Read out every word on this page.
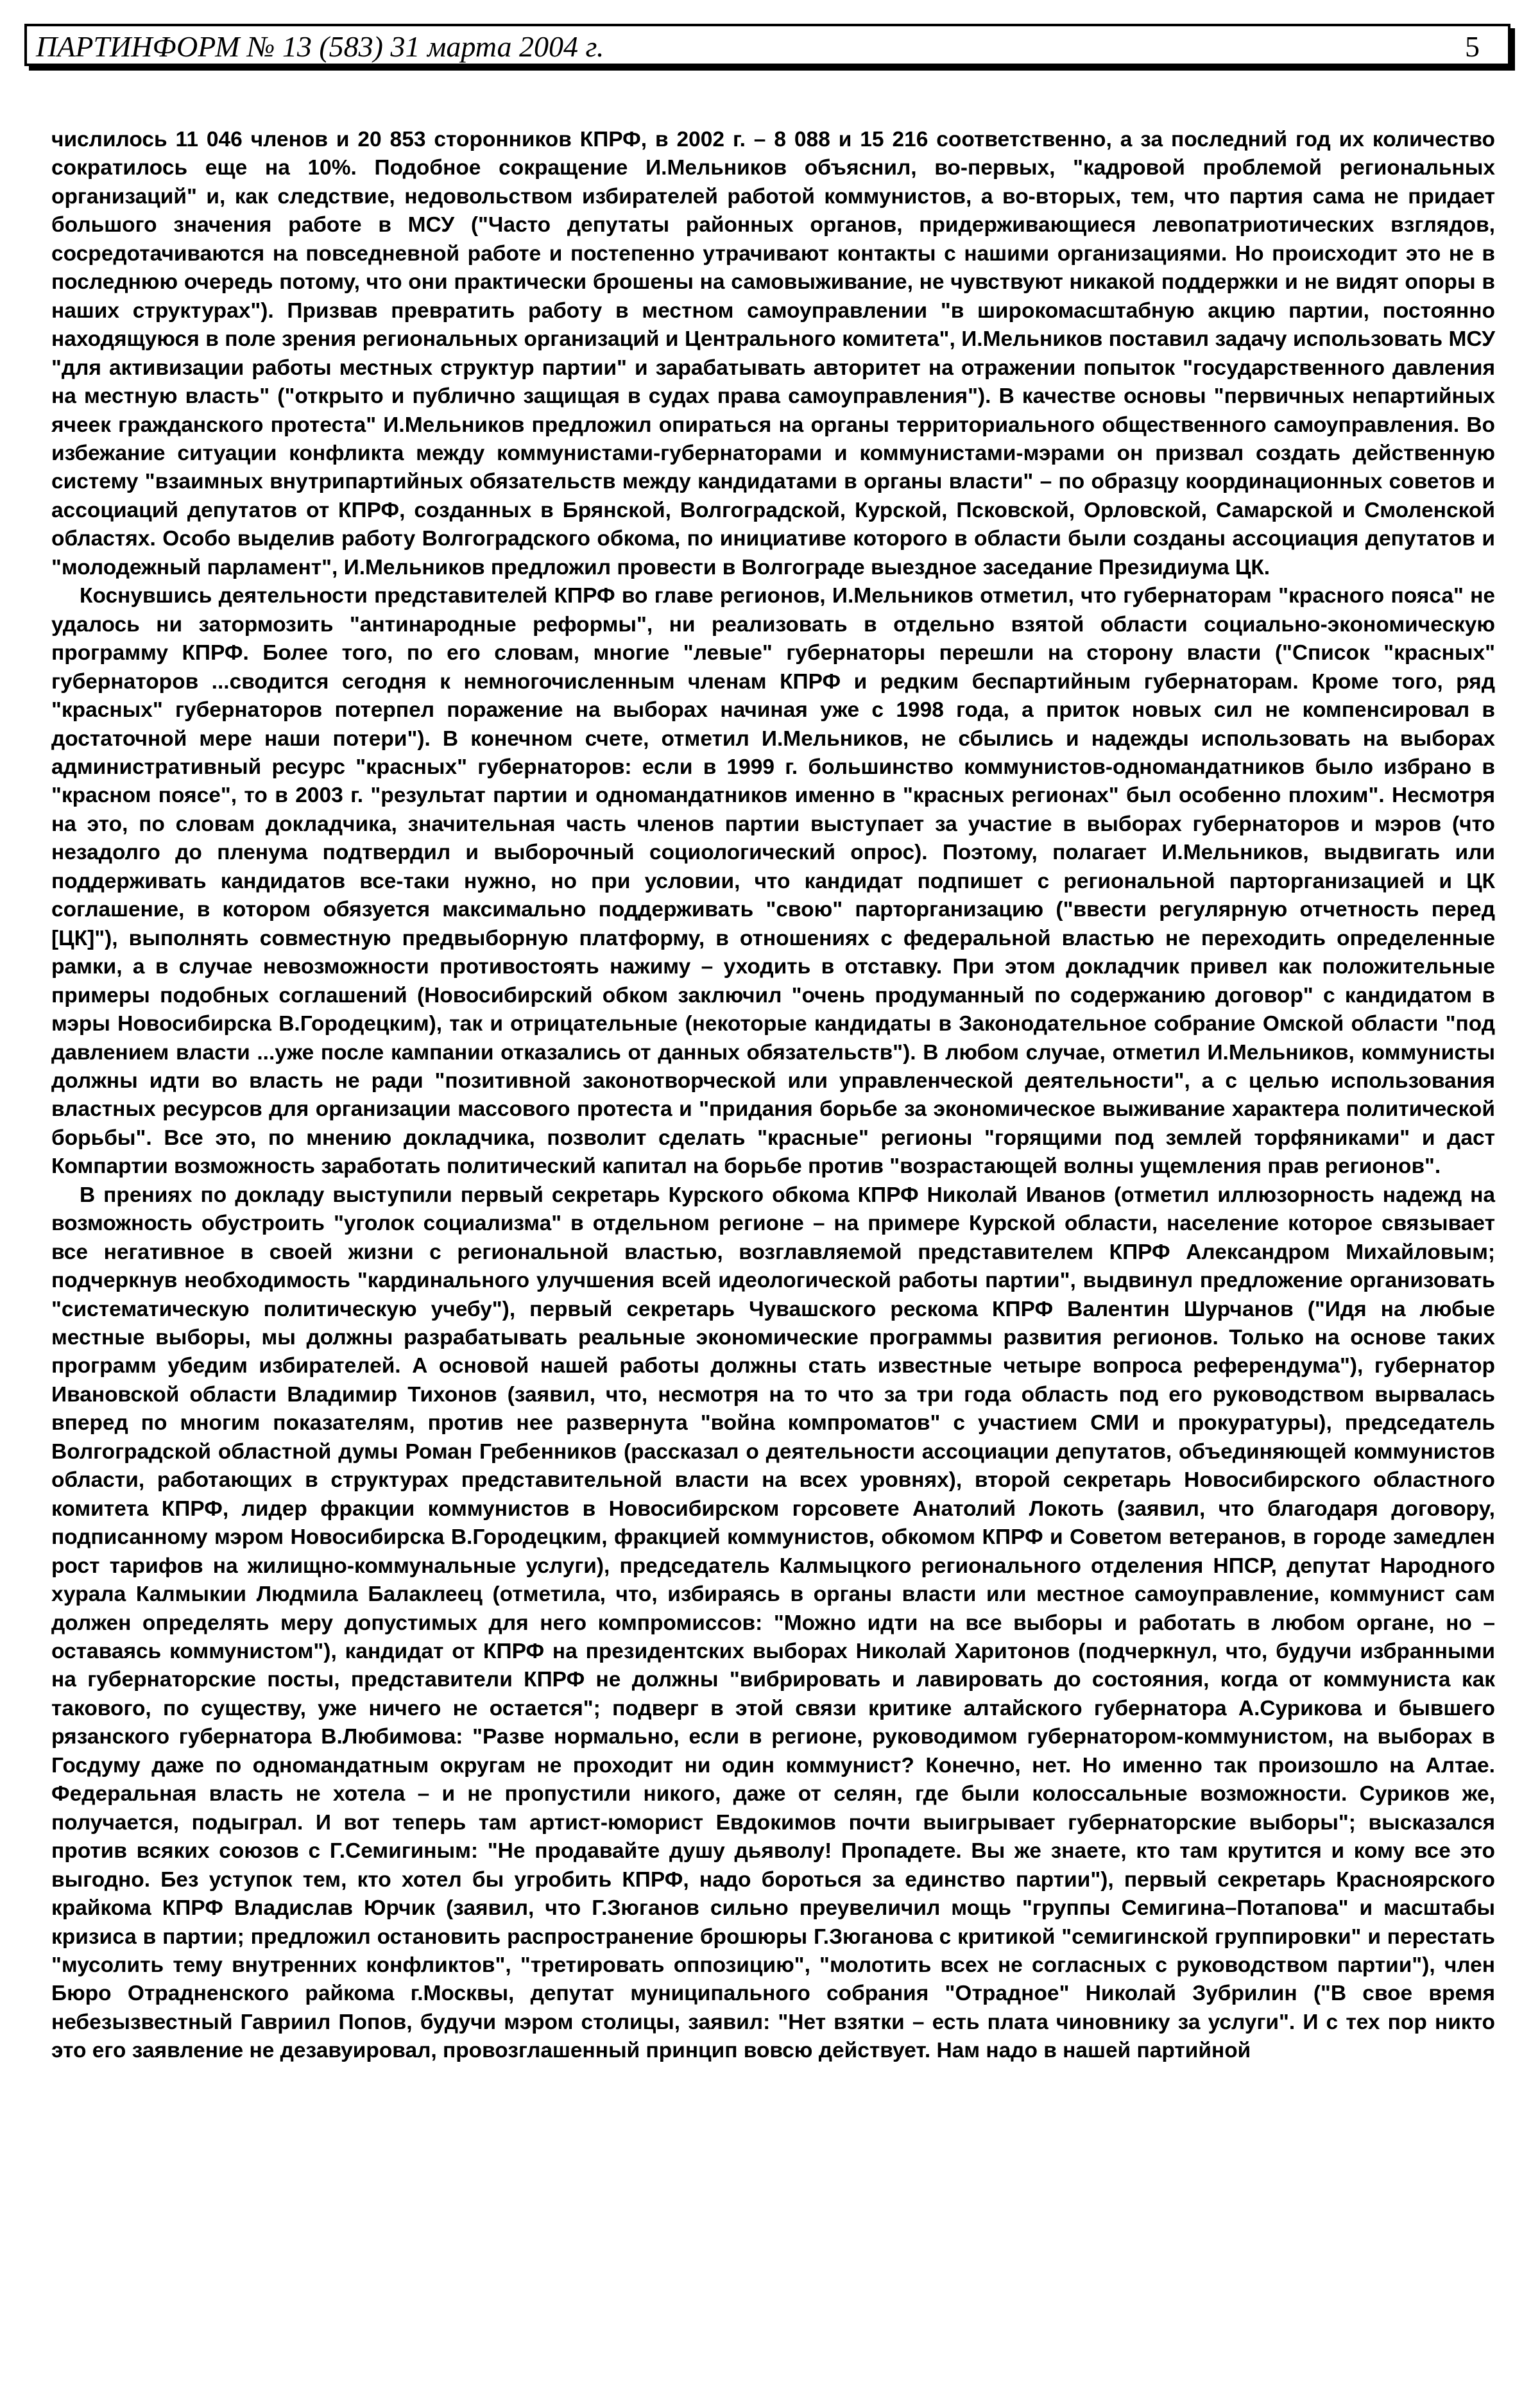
ПАРТИНФОРМ № 13 (583) 31 марта 2004 г.	5

числилось 11 046 членов и 20 853 сторонников КПРФ, в 2002 г. – 8 088 и 15 216 соответственно, а за последний год их количество сократилось еще на 10%. Подобное сокращение И.Мельников объяснил, во-первых, "кадровой проблемой региональных организаций" и, как следствие, недовольством избирателей работой коммунистов, а во-вторых, тем, что партия сама не придает большого значения работе в МСУ ("Часто депутаты районных органов, придерживающиеся левопатриотических взглядов, сосредотачиваются на повседневной работе и постепенно утрачивают контакты с нашими организациями. Но происходит это не в последнюю очередь потому, что они практически брошены на самовыживание, не чувствуют никакой поддержки и не видят опоры в наших структурах"). Призвав превратить работу в местном самоуправлении "в широкомасштабную акцию партии, постоянно находящуюся в поле зрения региональных организаций и Центрального комитета", И.Мельников поставил задачу использовать МСУ "для активизации работы местных структур партии" и зарабатывать авторитет на отражении попыток "государственного давления на местную власть" ("открыто и публично защищая в судах права самоуправления"). В качестве основы "первичных непартийных ячеек гражданского протеста" И.Мельников предложил опираться на органы территориального общественного самоуправления. Во избежание ситуации конфликта между коммунистами-губернаторами и коммунистами-мэрами он призвал создать действенную систему "взаимных внутрипартийных обязательств между кандидатами в органы власти" – по образцу координационных советов и ассоциаций депутатов от КПРФ, созданных в Брянской, Волгоградской, Курской, Псковской, Орловской, Самарской и Смоленской областях. Особо выделив работу Волгоградского обкома, по инициативе которого в области были созданы ассоциация депутатов и "молодежный парламент", И.Мельников предложил провести в Волгограде выездное заседание Президиума ЦК.

Коснувшись деятельности представителей КПРФ во главе регионов, И.Мельников отметил, что губернаторам "красного пояса" не удалось ни затормозить "антинародные реформы", ни реализовать в отдельно взятой области социально-экономическую программу КПРФ. Более того, по его словам, многие "левые" губернаторы перешли на сторону власти ("Список "красных" губернаторов ...сводится сегодня к немногочисленным членам КПРФ и редким беспартийным губернаторам. Кроме того, ряд "красных" губернаторов потерпел поражение на выборах начиная уже с 1998 года, а приток новых сил не компенсировал в достаточной мере наши потери"). В конечном счете, отметил И.Мельников, не сбылись и надежды использовать на выборах административный ресурс "красных" губернаторов: если в 1999 г. большинство коммунистов-одномандатников было избрано в "красном поясе", то в 2003 г. "результат партии и одномандатников именно в "красных регионах" был особенно плохим". Несмотря на это, по словам докладчика, значительная часть членов партии выступает за участие в выборах губернаторов и мэров (что незадолго до пленума подтвердил и выборочный социологический опрос). Поэтому, полагает И.Мельников, выдвигать или поддерживать кандидатов все-таки нужно, но при условии, что кандидат подпишет с региональной парторганизацией и ЦК соглашение, в котором обязуется максимально поддерживать "свою" парторганизацию ("ввести регулярную отчетность перед [ЦК]"), выполнять совместную предвыборную платформу, в отношениях с федеральной властью не переходить определенные рамки, а в случае невозможности противостоять нажиму – уходить в отставку. При этом докладчик привел как положительные примеры подобных соглашений (Новосибирский обком заключил "очень продуманный по содержанию договор" с кандидатом в мэры Новосибирска В.Городецким), так и отрицательные (некоторые кандидаты в Законодательное собрание Омской области "под давлением власти ...уже после кампании отказались от данных обязательств"). В любом случае, отметил И.Мельников, коммунисты должны идти во власть не ради "позитивной законотворческой или управленческой деятельности", а с целью использования властных ресурсов для организации массового протеста и "придания борьбе за экономическое выживание характера политической борьбы". Все это, по мнению докладчика, позволит сделать "красные" регионы "горящими под землей торфяниками" и даст Компартии возможность заработать политический капитал на борьбе против "возрастающей волны ущемления прав регионов".

В прениях по докладу выступили первый секретарь Курского обкома КПРФ Николай Иванов (отметил иллюзорность надежд на возможность обустроить "уголок социализма" в отдельном регионе – на примере Курской области, население которое связывает все негативное в своей жизни с региональной властью, возглавляемой представителем КПРФ Александром Михайловым; подчеркнув необходимость "кардинального улучшения всей идеологической работы партии", выдвинул предложение организовать "систематическую политическую учебу"), первый секретарь Чувашского рескома КПРФ Валентин Шурчанов ("Идя на любые местные выборы, мы должны разрабатывать реальные экономические программы развития регионов. Только на основе таких программ убедим избирателей. А основой нашей работы должны стать известные четыре вопроса референдума"), губернатор Ивановской области Владимир Тихонов (заявил, что, несмотря на то что за три года область под его руководством вырвалась вперед по многим показателям, против нее развернута "война компроматов" с участием СМИ и прокуратуры), председатель Волгоградской областной думы Роман Гребенников (рассказал о деятельности ассоциации депутатов, объединяющей коммунистов области, работающих в структурах представительной власти на всех уровнях), второй секретарь Новосибирского областного комитета КПРФ, лидер фракции коммунистов в Новосибирском горсовете Анатолий Локоть (заявил, что благодаря договору, подписанному мэром Новосибирска В.Городецким, фракцией коммунистов, обкомом КПРФ и Советом ветеранов, в городе замедлен рост тарифов на жилищно-коммунальные услуги), председатель Калмыцкого регионального отделения НПСР, депутат Народного хурала Калмыкии Людмила Балаклеец (отметила, что, избираясь в органы власти или местное самоуправление, коммунист сам должен определять меру допустимых для него компромиссов: "Можно идти на все выборы и работать в любом органе, но – оставаясь коммунистом"), кандидат от КПРФ на президентских выборах Николай Харитонов (подчеркнул, что, будучи избранными на губернаторские посты, представители КПРФ не должны "вибрировать и лавировать до состояния, когда от коммуниста как такового, по существу, уже ничего не остается"; подверг в этой связи критике алтайского губернатора А.Сурикова и бывшего рязанского губернатора В.Любимова: "Разве нормально, если в регионе, руководимом губернатором-коммунистом, на выборах в Госдуму даже по одномандатным округам не проходит ни один коммунист? Конечно, нет. Но именно так произошло на Алтае. Федеральная власть не хотела – и не пропустили никого, даже от селян, где были колоссальные возможности. Суриков же, получается, подыграл. И вот теперь там артист-юморист Евдокимов почти выигрывает губернаторские выборы"; высказался против всяких союзов с Г.Семигиным: "Не продавайте душу дьяволу! Пропадете. Вы же знаете, кто там крутится и кому все это выгодно. Без уступок тем, кто хотел бы угробить КПРФ, надо бороться за единство партии"), первый секретарь Красноярского крайкома КПРФ Владислав Юрчик (заявил, что Г.Зюганов сильно преувеличил мощь "группы Семигина–Потапова" и масштабы кризиса в партии; предложил остановить распространение брошюры Г.Зюганова с критикой "семигинской группировки" и перестать "мусолить тему внутренних конфликтов", "третировать оппозицию", "молотить всех не согласных с руководством партии"), член Бюро Отрадненского райкома г.Москвы, депутат муниципального собрания "Отрадное" Николай Зубрилин ("В свое время небезызвестный Гавриил Попов, будучи мэром столицы, заявил: "Нет взятки – есть плата чиновнику за услуги". И с тех пор никто это его заявление не дезавуировал, провозглашенный принцип вовсю действует. Нам надо в нашей партийной
